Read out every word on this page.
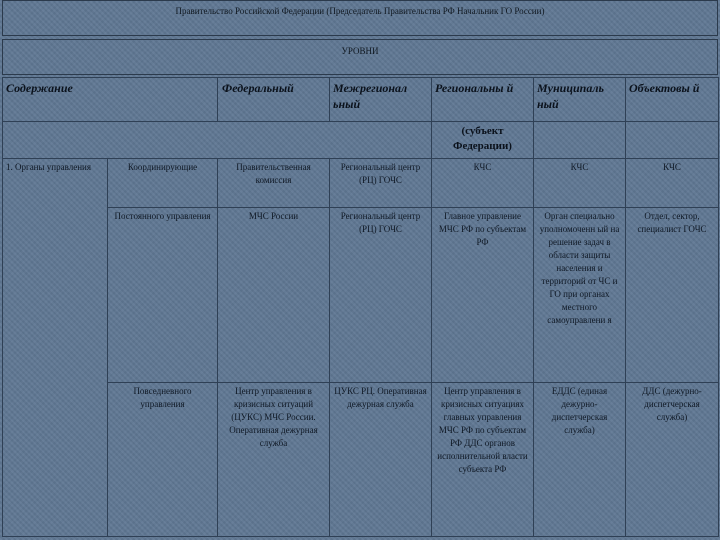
Правительство Российской Федерации (Председатель Правительства РФ Начальник ГО России)
УРОВНИ
Содержание		Федеральный	Межрегионал ьный	Региональны й	Муниципаль ный	Объектовы й
				(субъект Федерации)		
1. Органы управления	Координирующие	Правительственная комиссия	Региональный центр (РЦ) ГОЧС	КЧС	КЧС	КЧС
	Постоянного управления	МЧС России	Региональный центр (РЦ) ГОЧС	Главное управление МЧС РФ по субъектам РФ	Орган специально уполномоченн ый на решение задач в области защиты населения и территорий от ЧС и ГО при органах местного самоуправлени я	Отдел, сектор, специалист ГОЧС
	Повседневного управления	Центр управления в кризисных ситуаций (ЦУКС) МЧС России. Оперативная дежурная служба	ЦУКС РЦ. Оперативная дежурная служба	Центр управления в кризисных ситуациях главных управления МЧС РФ по субъектам РФ ДДС органов исполнительной власти субъекта РФ	ЕДДС (единая дежурно-диспетчерская служба)	ДДС (дежурно-диспетчерская служба)
